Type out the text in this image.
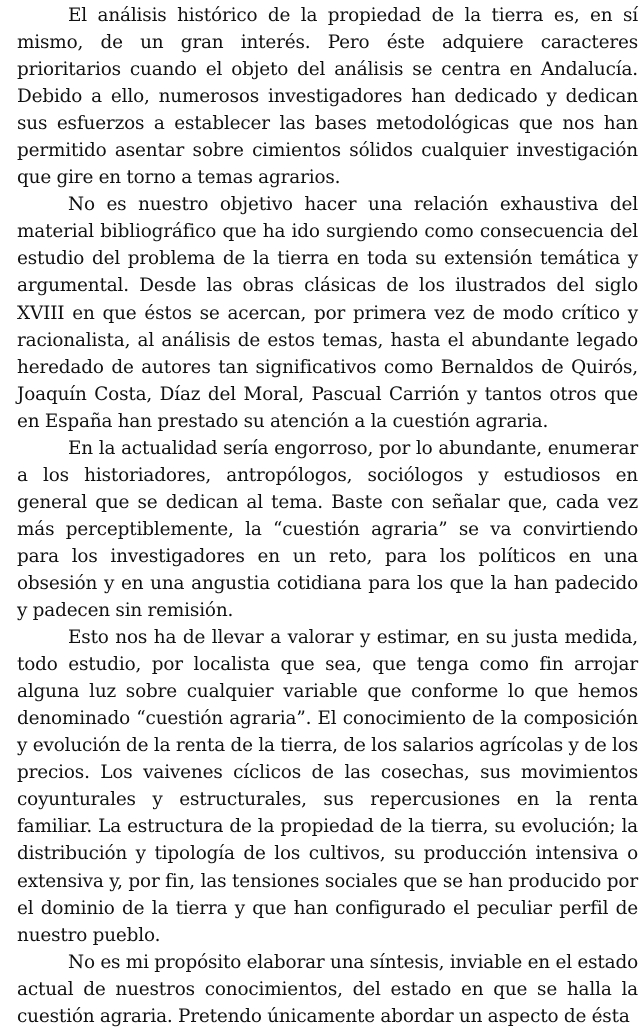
El análisis histórico de la propiedad de la tierra es, en sí mismo, de un gran interés. Pero éste adquiere caracteres prioritarios cuando el objeto del análisis se centra en Andalucía. Debido a ello, numerosos investigadores han dedicado y dedican sus esfuerzos a establecer las bases metodológicas que nos han permitido asentar sobre cimientos sólidos cualquier investigación que gire en torno a temas agrarios.

No es nuestro objetivo hacer una relación exhaustiva del material bibliográfico que ha ido surgiendo como consecuencia del estudio del problema de la tierra en toda su extensión temática y argumental. Desde las obras clásicas de los ilustrados del siglo XVIII en que éstos se acercan, por primera vez de modo crítico y racionalista, al análisis de estos temas, hasta el abundante legado heredado de autores tan significativos como Bernaldos de Quirós, Joaquín Costa, Díaz del Moral, Pascual Carrión y tantos otros que en España han prestado su atención a la cuestión agraria.

En la actualidad sería engorroso, por lo abundante, enumerar a los historiadores, antropólogos, sociólogos y estudiosos en general que se dedican al tema. Baste con señalar que, cada vez más perceptiblemente, la “cuestión agraria” se va convirtiendo para los investigadores en un reto, para los políticos en una obsesión y en una angustia cotidiana para los que la han padecido y padecen sin remisión.

Esto nos ha de llevar a valorar y estimar, en su justa medida, todo estudio, por localista que sea, que tenga como fin arrojar alguna luz sobre cualquier variable que conforme lo que hemos denominado “cuestión agraria”. El conocimiento de la composición y evolución de la renta de la tierra, de los salarios agrícolas y de los precios. Los vaivenes cíclicos de las cosechas, sus movimientos coyunturales y estructurales, sus repercusiones en la renta familiar. La estructura de la propiedad de la tierra, su evolución; la distribución y tipología de los cultivos, su producción intensiva o extensiva y, por fin, las tensiones sociales que se han producido por el dominio de la tierra y que han configurado el peculiar perfil de nuestro pueblo.

No es mi propósito elaborar una síntesis, inviable en el estado actual de nuestros conocimientos, del estado en que se halla la cuestión agraria. Pretendo únicamente abordar un aspecto de ésta
